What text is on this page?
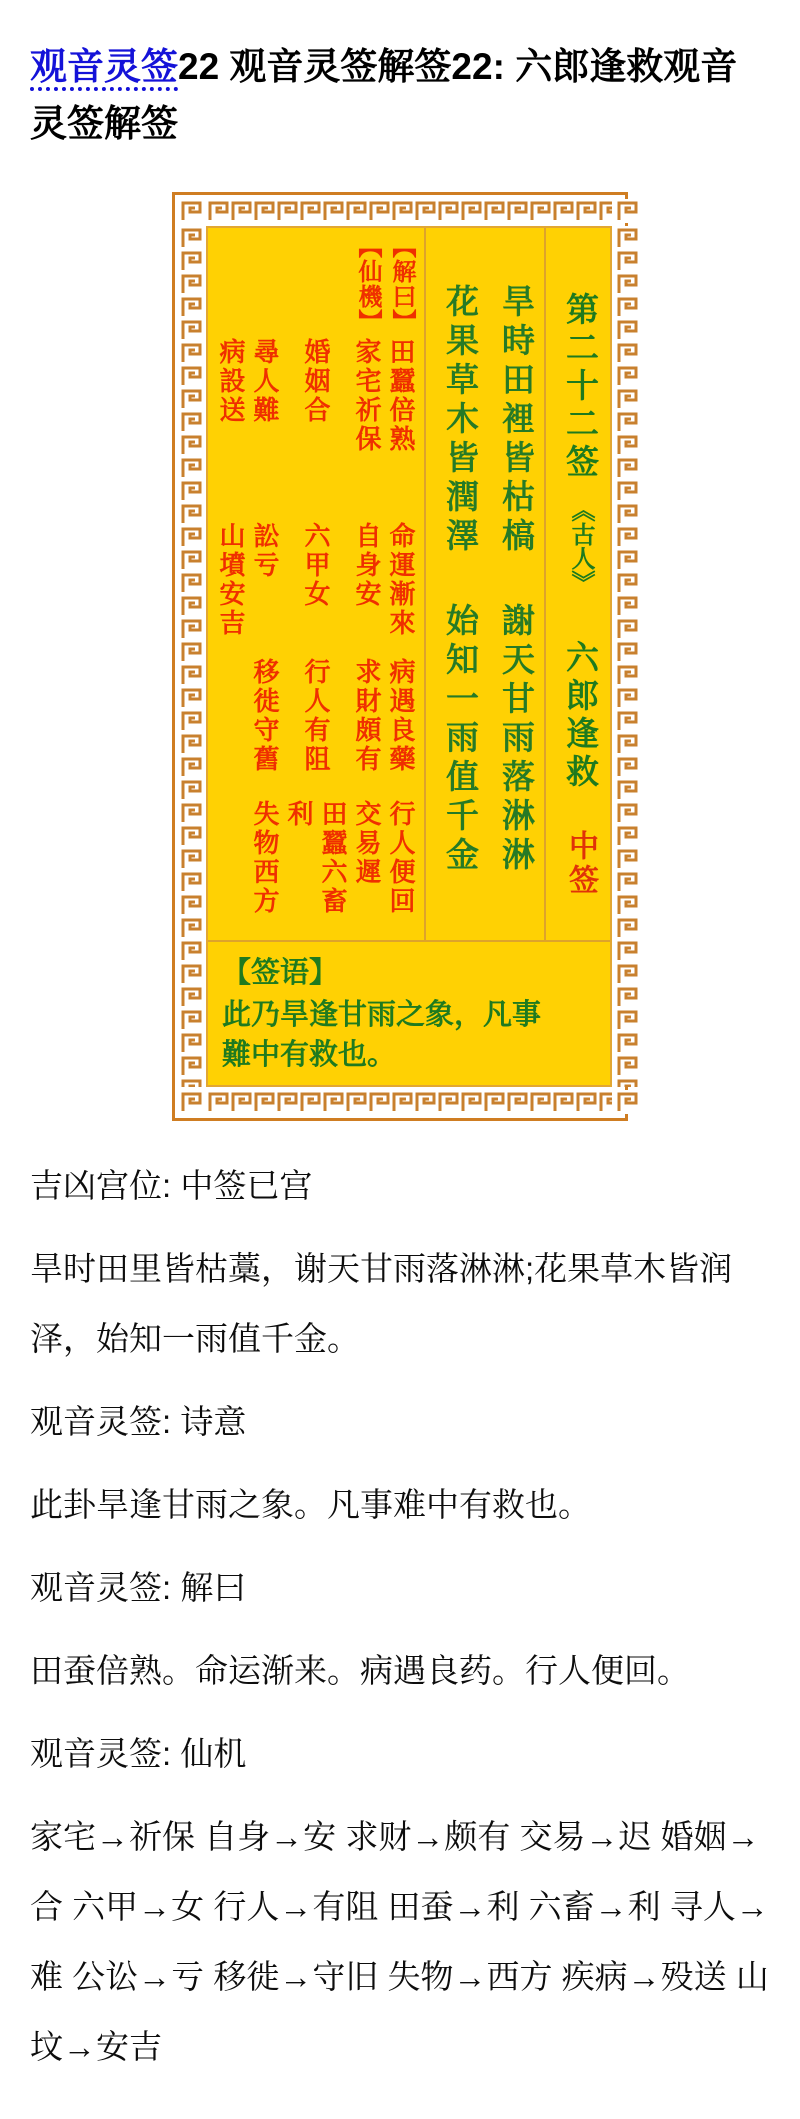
观音灵签22 观音灵签解签22: 六郎逢救观音灵签解签
【解曰】
【仙機】
田蠶倍熟
家宅祈保
婚姻合
尋人難
病設送
命運漸來
自身安
六甲女
訟亏
山墳安吉
病遇良藥
求財頗有
行人有阻
移徙守舊
行人便回
交易遲
田蠶六畜利
失物西方
旱時田裡皆枯槁謝天甘雨落淋淋
花果草木皆潤澤始知一雨值千金
第二十二签《古人》六郎逢救中签
【签语】
此乃旱逢甘雨之象，凡事難中有救也。

吉凶宫位: 中签已宫

旱时田里皆枯藁，谢天甘雨落淋淋;花果草木皆润泽，始知一雨值千金。

观音灵签: 诗意

此卦旱逢甘雨之象。凡事难中有救也。

观音灵签: 解曰

田蚕倍熟。命运渐来。病遇良药。行人便回。

观音灵签: 仙机

家宅→祈保 自身→安 求财→颇有 交易→迟 婚姻→合 六甲→女 行人→有阻 田蚕→利 六畜→利 寻人→难 公讼→亏 移徙→守旧 失物→西方 疾病→殁送 山坟→安吉
